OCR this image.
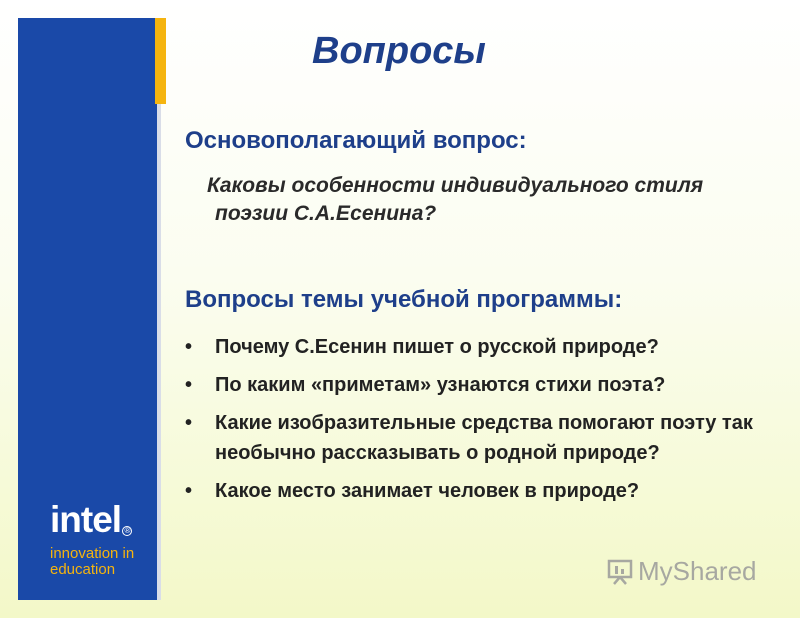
intel ®
innovation in
education
Вопросы
Основополагающий вопрос:

Каковы особенности индивидуального стиля поэзии С.А.Есенина?

Вопросы темы учебной программы:
• Почему С.Есенин пишет о русской природе?
• По каким «приметам» узнаются стихи поэта?
• Какие изобразительные средства помогают поэту так необычно рассказывать о родной природе?
• Какое место занимает человек в природе?
MyShared
